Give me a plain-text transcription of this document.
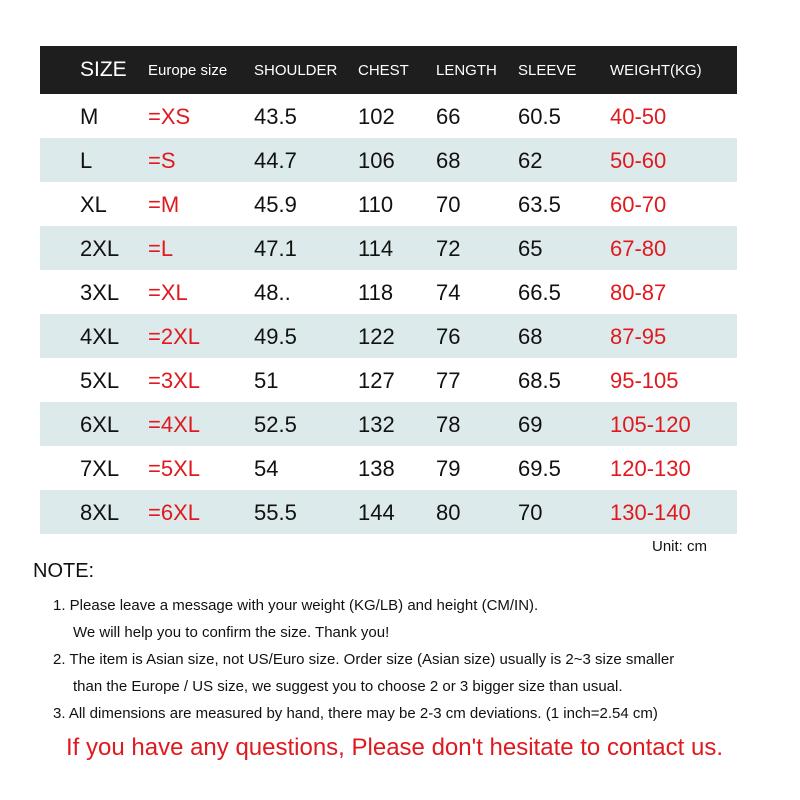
SIZE Europe size SHOULDER CHEST LENGTH SLEEVE WEIGHT(KG)
M =XS	43.5	102 66	60.5 40-50
L	=S	44.7	106 68	62	50-60
XL =M	45.9	110 70	63.5 60-70
2XL =L	47.1	114 72	65	67-80
3XL =XL	48..	118 74	66.5 80-87
4XL =2XL 49.5	122 76	68	87-95
5XL =3XL 51	127 77	68.5 95-105
6XL =4XL 52.5	132 78	69	105-120
7XL =5XL 54	138 79	69.5 120-130
8XL =6XL 55.5	144 80	70	130-140
Unit: cm
NOTE:
1. Please leave a message with your weight (KG/LB) and height (CM/IN).
We will help you to confirm the size. Thank you!
2. The item is Asian size, not US/Euro size. Order size (Asian size) usually is 2~3 size smaller
than the Europe / US size, we suggest you to choose 2 or 3 bigger size than usual.
3. All dimensions are measured by hand, there may be 2-3 cm deviations. (1 inch=2.54 cm)
If you have any questions, Please don't hesitate to contact us.
